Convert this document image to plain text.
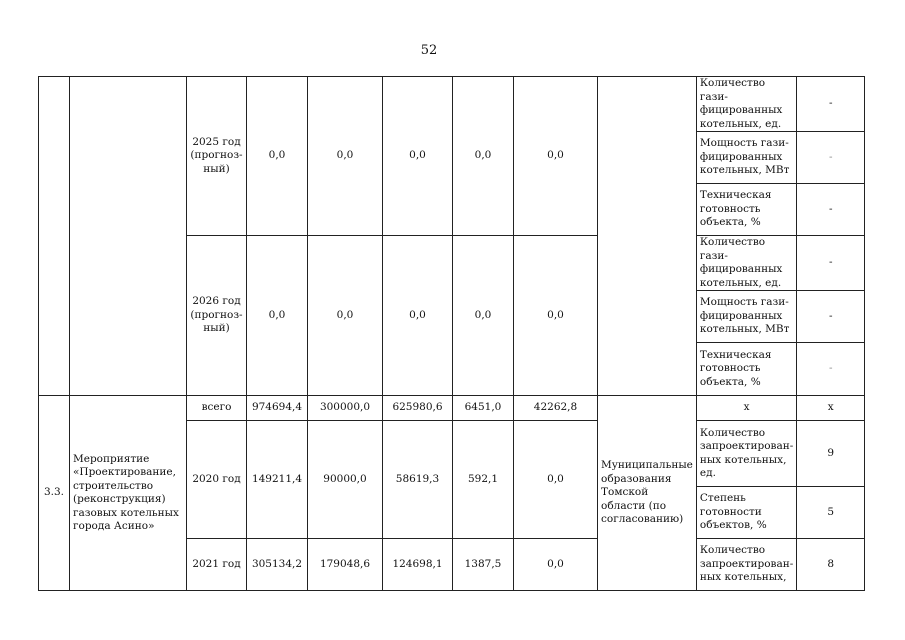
52
		2025 год (прогноз-ный)	0,0	0,0	0,0	0,0	0,0		Количество гази-фицированных котельных, ед.	-
									Мощность гази-фицированных котельных, МВт	-
									Техническая готовность объекта, %	-
		2026 год (прогноз-ный)	0,0	0,0	0,0	0,0	0,0		Количество гази-фицированных котельных, ед.	-
									Мощность гази-фицированных котельных, МВт	-
									Техническая готовность объекта, %	-
3.3.	Мероприятие «Проектирование, строительство (реконструкция) газовых котельных города Асино»	всего	974694,4	300000,0	625980,6	6451,0	42262,8	Муниципальные образования Томской области (по согласованию)	x	x
		2020 год	149211,4	90000,0	58619,3	592,1	0,0		Количество запроектирован-ных котельных, ед.	9
									Степень готовности объектов, %	5
		2021 год	305134,2	179048,6	124698,1	1387,5	0,0		Количество запроектирован-ных котельных,	8
